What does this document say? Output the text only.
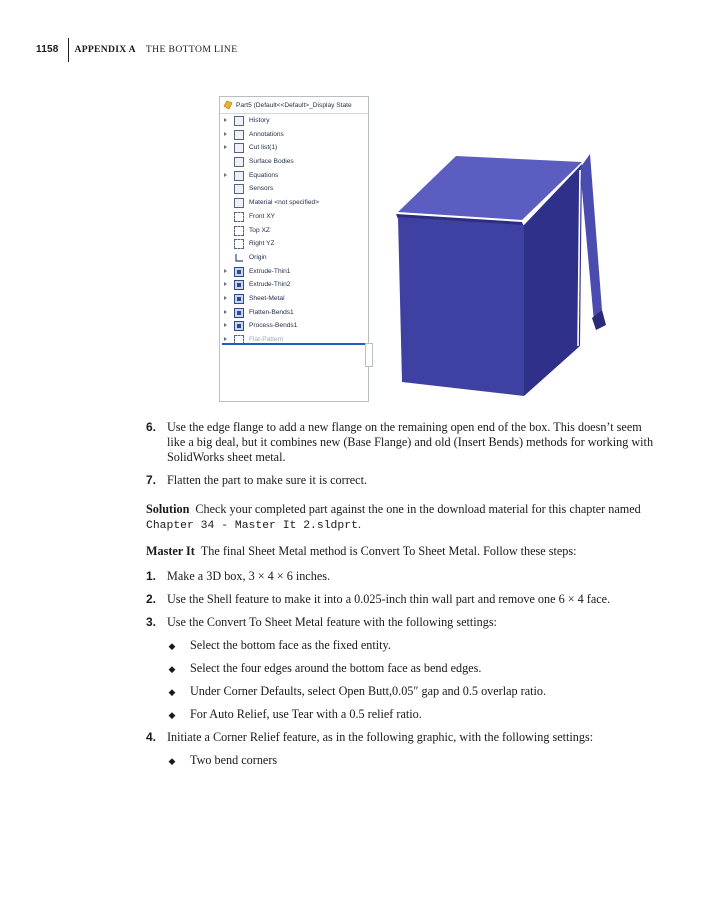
1158 APPENDIX A THE BOTTOM LINE
Part5 (Default<<Default>_Display State
History
Annotations
Cut list(1)
Surface Bodies
Equations
Sensors
Material <not specified>
Front XY
Top XZ
Right YZ
Origin
Extrude-Thin1
Extrude-Thin2
Sheet-Metal
Flatten-Bends1
Process-Bends1
Flat-Pattern
6. Use the edge flange to add a new flange on the remaining open end of the box. This doesn’t seem like a big deal, but it combines new (Base Flange) and old (Insert Bends) methods for working with SolidWorks sheet metal.
7. Flatten the part to make sure it is correct.
Solution Check your completed part against the one in the download material for this chapter named Chapter 34 - Master It 2.sldprt.
Master It The final Sheet Metal method is Convert To Sheet Metal. Follow these steps:
1. Make a 3D box, 3 × 4 × 6 inches.
2. Use the Shell feature to make it into a 0.025-inch thin wall part and remove one 6 × 4 face.
3. Use the Convert To Sheet Metal feature with the following settings:
◆ Select the bottom face as the fixed entity.
◆ Select the four edges around the bottom face as bend edges.
◆ Under Corner Defaults, select Open Butt,0.05″ gap and 0.5 overlap ratio.
◆ For Auto Relief, use Tear with a 0.5 relief ratio.
4. Initiate a Corner Relief feature, as in the following graphic, with the following settings:
◆ Two bend corners
